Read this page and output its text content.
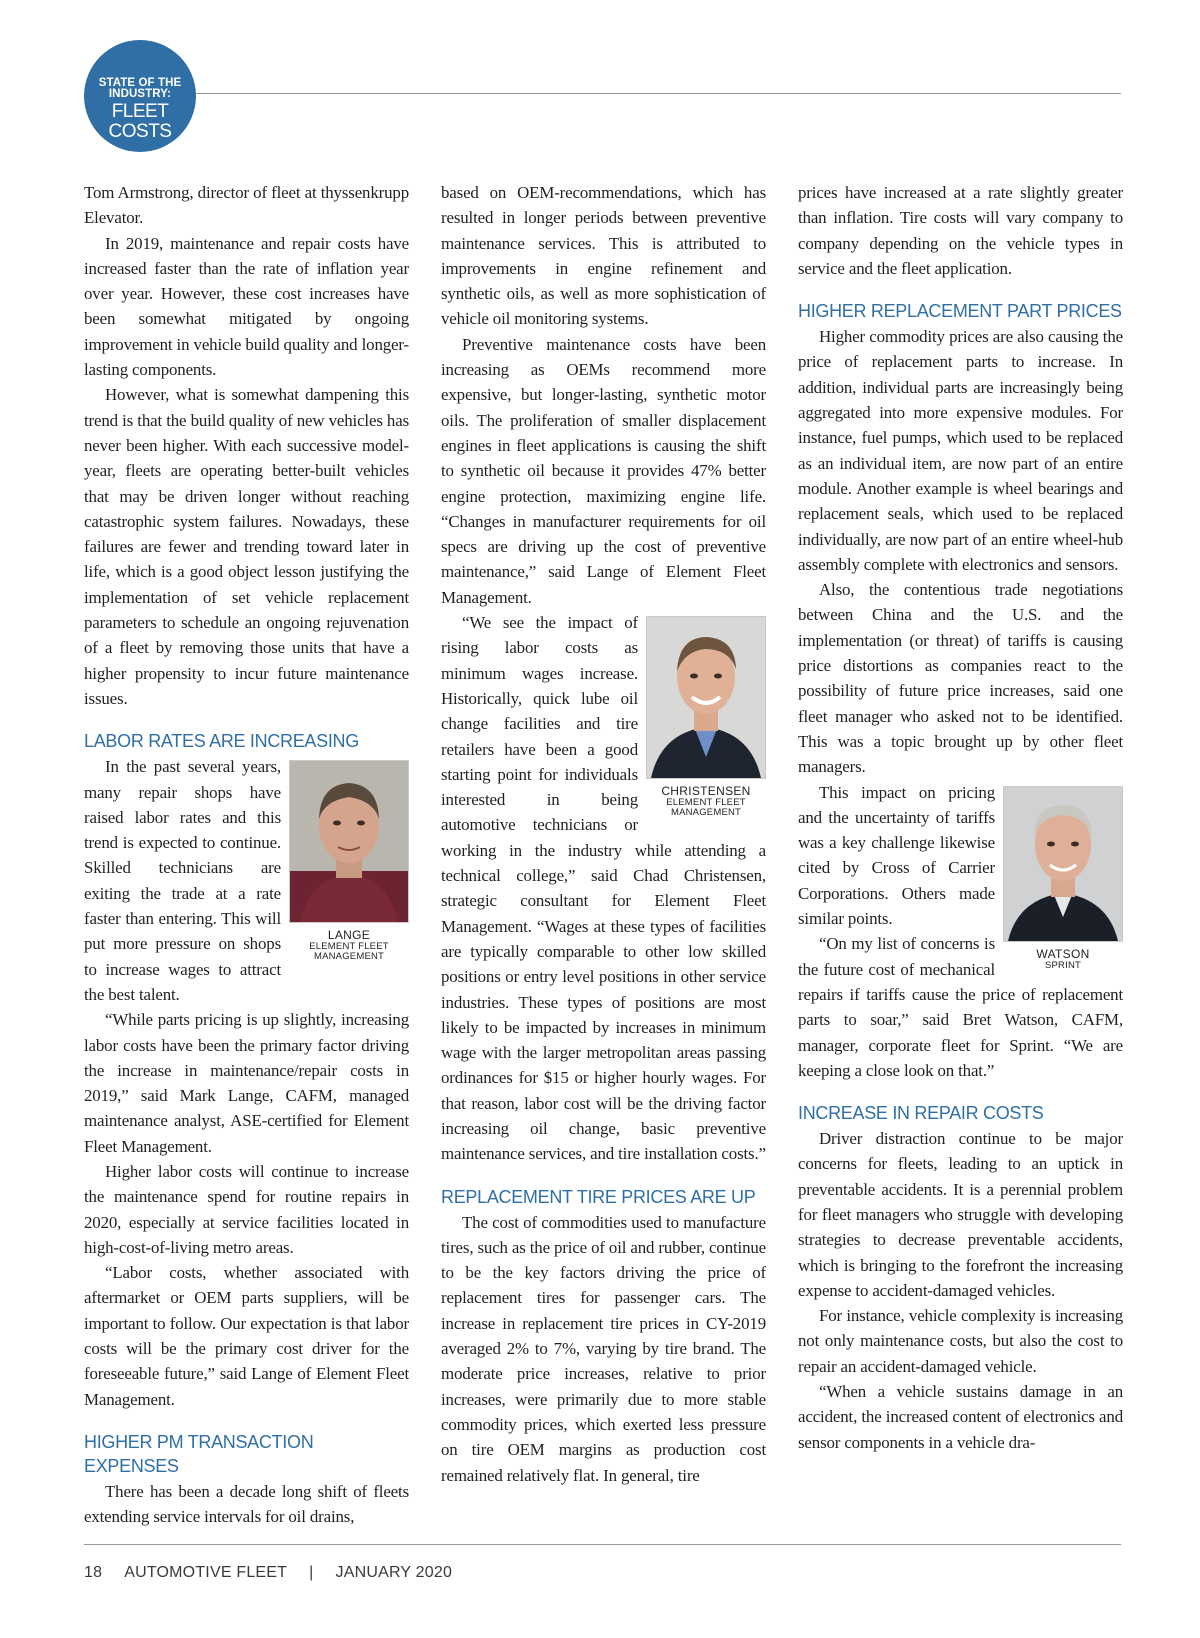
STATE OF THE INDUSTRY:
FLEET COSTS

Tom Armstrong, director of fleet at thyssenkrupp Elevator.

In 2019, maintenance and repair costs have increased faster than the rate of inflation year over year. However, these cost increases have been somewhat mitigated by ongoing improvement in vehicle build quality and longer-lasting components.

However, what is somewhat dampening this trend is that the build quality of new vehicles has never been higher. With each successive model-year, fleets are operating better-built vehicles that may be driven longer without reaching catastrophic system failures. Nowadays, these failures are fewer and trending toward later in life, which is a good object lesson justifying the implementation of set vehicle replacement parameters to schedule an ongoing rejuvenation of a fleet by removing those units that have a higher propensity to incur future maintenance issues.

LABOR RATES ARE INCREASING
LANGE
ELEMENT FLEET MANAGEMENT

In the past several years, many repair shops have raised labor rates and this trend is expected to continue. Skilled technicians are exiting the trade at a rate faster than entering. This will put more pressure on shops to increase wages to attract the best talent.

“While parts pricing is up slightly, increasing labor costs have been the primary factor driving the increase in maintenance/repair costs in 2019,” said Mark Lange, CAFM, managed maintenance analyst, ASE-certified for Element Fleet Management.

Higher labor costs will continue to increase the maintenance spend for routine repairs in 2020, especially at service facilities located in high-cost-of-living metro areas.

“Labor costs, whether associated with aftermarket or OEM parts suppliers, will be important to follow. Our expectation is that labor costs will be the primary cost driver for the foreseeable future,” said Lange of Element Fleet Management.

HIGHER PM TRANSACTION EXPENSES

There has been a decade long shift of fleets extending service intervals for oil drains,

based on OEM-recommendations, which has resulted in longer periods between preventive maintenance services. This is attributed to improvements in engine refinement and synthetic oils, as well as more sophistication of vehicle oil monitoring systems.

Preventive maintenance costs have been increasing as OEMs recommend more expensive, but longer-lasting, synthetic motor oils. The proliferation of smaller displacement engines in fleet applications is causing the shift to synthetic oil because it provides 47% better engine protection, maximizing engine life. “Changes in manufacturer requirements for oil specs are driving up the cost of preventive maintenance,” said Lange of Element Fleet Management.

CHRISTENSEN
ELEMENT FLEET MANAGEMENT

“We see the impact of rising labor costs as minimum wages increase. Historically, quick lube oil change facilities and tire retailers have been a good starting point for individuals interested in being automotive technicians or working in the industry while attending a technical college,” said Chad Christensen, strategic consultant for Element Fleet Management. “Wages at these types of facilities are typically comparable to other low skilled positions or entry level positions in other service industries. These types of positions are most likely to be impacted by increases in minimum wage with the larger metropolitan areas passing ordinances for $15 or higher hourly wages. For that reason, labor cost will be the driving factor increasing oil change, basic preventive maintenance services, and tire installation costs.”

REPLACEMENT TIRE PRICES ARE UP

The cost of commodities used to manufacture tires, such as the price of oil and rubber, continue to be the key factors driving the price of replacement tires for passenger cars. The increase in replacement tire prices in CY-2019 averaged 2% to 7%, varying by tire brand. The moderate price increases, relative to prior increases, were primarily due to more stable commodity prices, which exerted less pressure on tire OEM margins as production cost remained relatively flat. In general, tire

prices have increased at a rate slightly greater than inflation. Tire costs will vary company to company depending on the vehicle types in service and the fleet application.

HIGHER REPLACEMENT PART PRICES

Higher commodity prices are also causing the price of replacement parts to increase. In addition, individual parts are increasingly being aggregated into more expensive modules. For instance, fuel pumps, which used to be replaced as an individual item, are now part of an entire module. Another example is wheel bearings and replacement seals, which used to be replaced individually, are now part of an entire wheel-hub assembly complete with electronics and sensors.

Also, the contentious trade negotiations between China and the U.S. and the implementation (or threat) of tariffs is causing price distortions as companies react to the possibility of future price increases, said one fleet manager who asked not to be identified. This was a topic brought up by other fleet managers.

WATSON
SPRINT

This impact on pricing and the uncertainty of tariffs was a key challenge likewise cited by Cross of Carrier Corporations. Others made similar points.

“On my list of concerns is the future cost of mechanical repairs if tariffs cause the price of replacement parts to soar,” said Bret Watson, CAFM, manager, corporate fleet for Sprint. “We are keeping a close look on that.”

INCREASE IN REPAIR COSTS

Driver distraction continue to be major concerns for fleets, leading to an uptick in preventable accidents. It is a perennial problem for fleet managers who struggle with developing strategies to decrease preventable accidents, which is bringing to the forefront the increasing expense to accident-damaged vehicles.

For instance, vehicle complexity is increasing not only maintenance costs, but also the cost to repair an accident-damaged vehicle.

“When a vehicle sustains damage in an accident, the increased content of electronics and sensor components in a vehicle dra-

18 AUTOMOTIVE FLEET | JANUARY 2020
